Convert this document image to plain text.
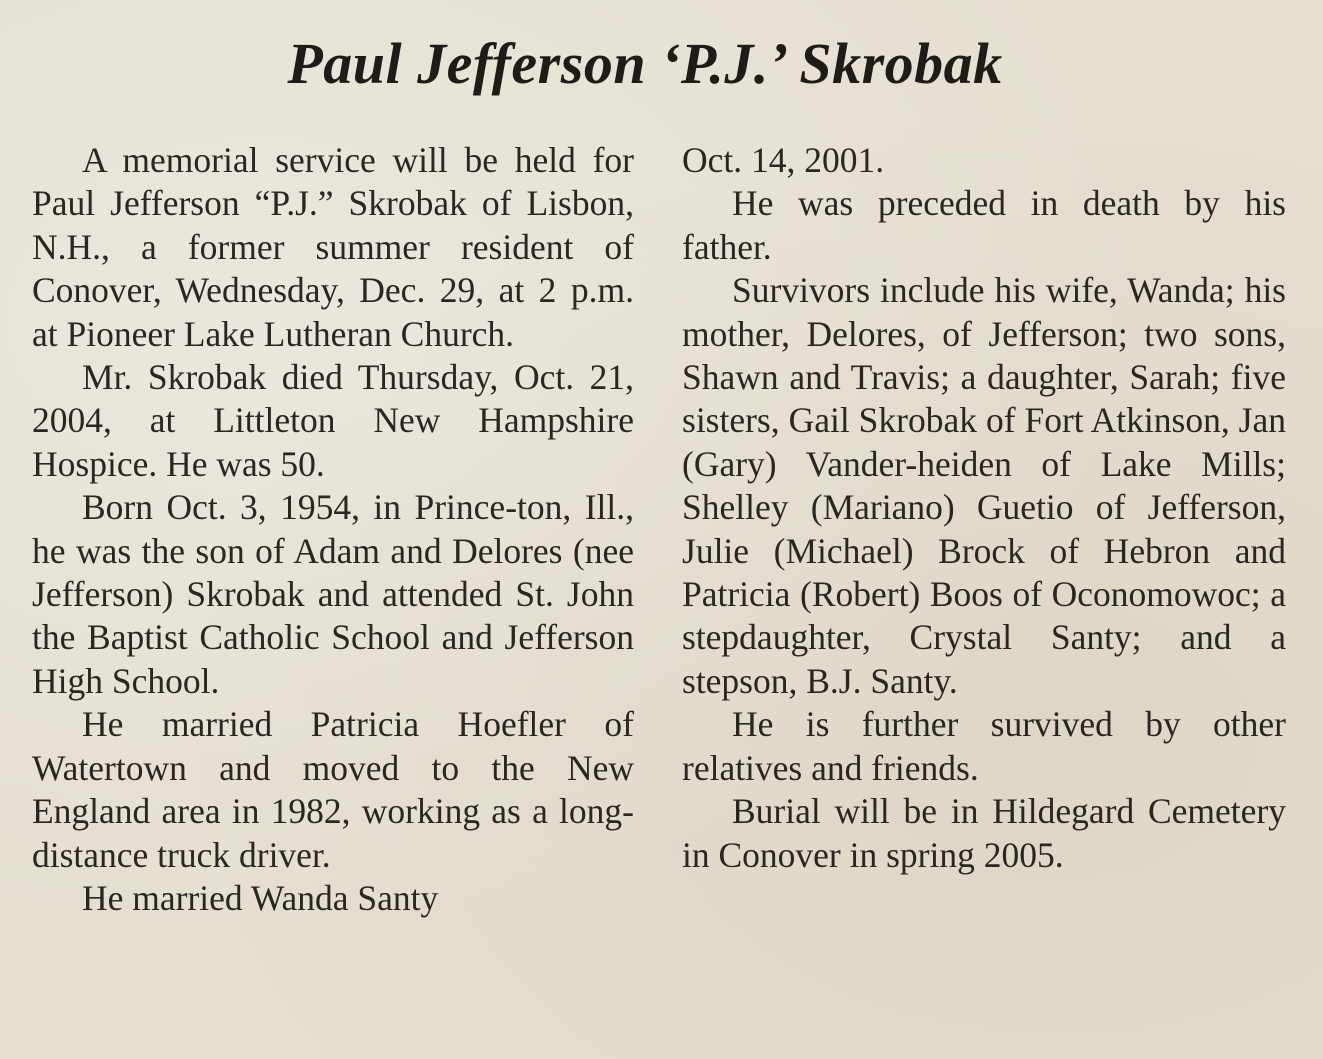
Paul Jefferson ‘P.J.’ Skrobak

A memorial service will be held for Paul Jefferson “P.J.” Skrobak of Lisbon, N.H., a former summer resident of Conover, Wednesday, Dec. 29, at 2 p.m. at Pioneer Lake Lutheran Church.

Mr. Skrobak died Thursday, Oct. 21, 2004, at Littleton New Hampshire Hospice. He was 50.

Born Oct. 3, 1954, in Prince-ton, Ill., he was the son of Adam and Delores (nee Jefferson) Skrobak and attended St. John the Baptist Catholic School and Jefferson High School.

He married Patricia Hoefler of Watertown and moved to the New England area in 1982, working as a long-distance truck driver.

He married Wanda Santy

Oct. 14, 2001.

He was preceded in death by his father.

Survivors include his wife, Wanda; his mother, Delores, of Jefferson; two sons, Shawn and Travis; a daughter, Sarah; five sisters, Gail Skrobak of Fort Atkinson, Jan (Gary) Vander-heiden of Lake Mills; Shelley (Mariano) Guetio of Jefferson, Julie (Michael) Brock of Hebron and Patricia (Robert) Boos of Oconomowoc; a stepdaughter, Crystal Santy; and a stepson, B.J. Santy.

He is further survived by other relatives and friends.

Burial will be in Hildegard Cemetery in Conover in spring 2005.
